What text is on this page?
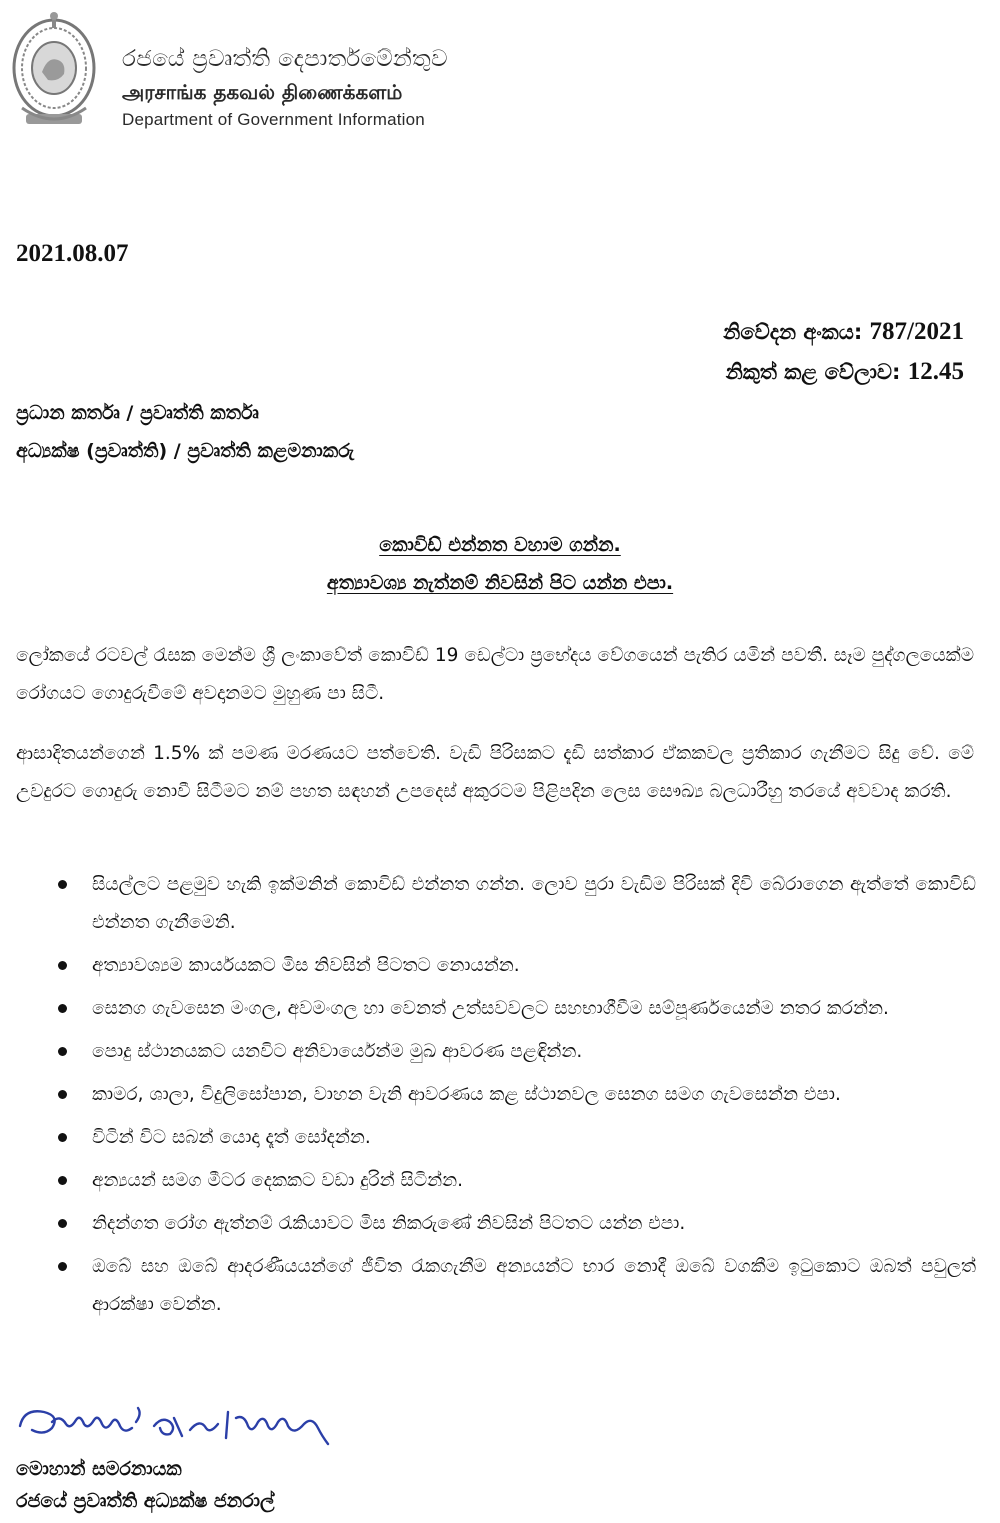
රජයේ ප්‍රවෘත්ති දෙපාර්තමේන්තුව
அரசாங்க தகவல் திணைக்களம்
Department of Government Information
2021.08.07
නිවේදන අංකය: 787/2021
නිකුත් කළ වේලාව: 12.45
ප්‍රධාන කර්තෘ / ප්‍රවෘත්ති කර්තෘ
අධ්‍යක්ෂ (ප්‍රවෘත්ති) / ප්‍රවෘත්ති කළමනාකරු
කොවිඩ් එන්නත වහාම ගන්න.
අත්‍යාවශ්‍ය නැත්නම් නිවසින් පිට යන්න එපා.

ලෝකයේ රටවල් රැසක මෙන්ම ශ්‍රී ලංකාවේත් කොවිඩ් 19 ඩෙල්ටා ප්‍රභේදය වේගයෙන් පැතිර යමින් පවතී. සෑම පුද්ගලයෙක්ම රෝගයට ගොදුරුවීමේ අවදානමට මුහුණ පා සිටී.

ආසාදිතයන්ගෙන් 1.5% ක් පමණ මරණයට පත්වෙති. වැඩි පිරිසකට දැඩි සත්කාර ඒකකවල ප්‍රතිකාර ගැනීමට සිදු වේ. මේ උවදුරට ගොදුරු නොවී සිටීමට නම් පහත සඳහන් උපදෙස් අකුරටම පිළිපදින ලෙස සෞඛ්‍ය බලධාරීහු තරයේ අවවාද කරති.

සියල්ලට පළමුව හැකි ඉක්මනින් කොවිඩ් එන්නත ගන්න. ලොව පුරා වැඩිම පිරිසක් දිවි බේරාගෙන ඇත්තේ කොවිඩ් එන්නත ගැනීමෙනි.
අත්‍යාවශ්‍යම කාර්යයකට මිස නිවසින් පිටතට නොයන්න.
සෙනග ගැවසෙන මංගල, අවමංගල හා වෙනත් උත්සවවලට සහභාගීවීම සම්පූර්ණයෙන්ම නතර කරන්න.
පොදු ස්ථානයකට යනවිට අනිවාර්යෙන්ම මුඛ ආවරණ පළඳින්න.
කාමර, ශාලා, විදුලිසෝපාන, වාහන වැනි ආවරණය කළ ස්ථානවල සෙනග සමග ගැවසෙන්න එපා.
විටින් විට සබන් යොදා දෑත් සෝදන්න.
අන්‍යයන් සමග මීටර දෙකකට වඩා දුරින් සිටින්න.
නිදන්ගත රෝග ඇත්නම් රැකියාවට මිස නිකරුණේ නිවසින් පිටතට යන්න එපා.
ඔබේ සහ ඔබේ ආදරණීයයන්ගේ ජීවිත රැකගැනීම අන්‍යයන්ට භාර නොදී ඔබේ වගකීම ඉටුකොට ඔබත් පවුලත් ආරක්ෂා වෙන්න.
මොහාන් සමරනායක
රජයේ ප්‍රවෘත්ති අධ්‍යක්ෂ ජනරාල්
